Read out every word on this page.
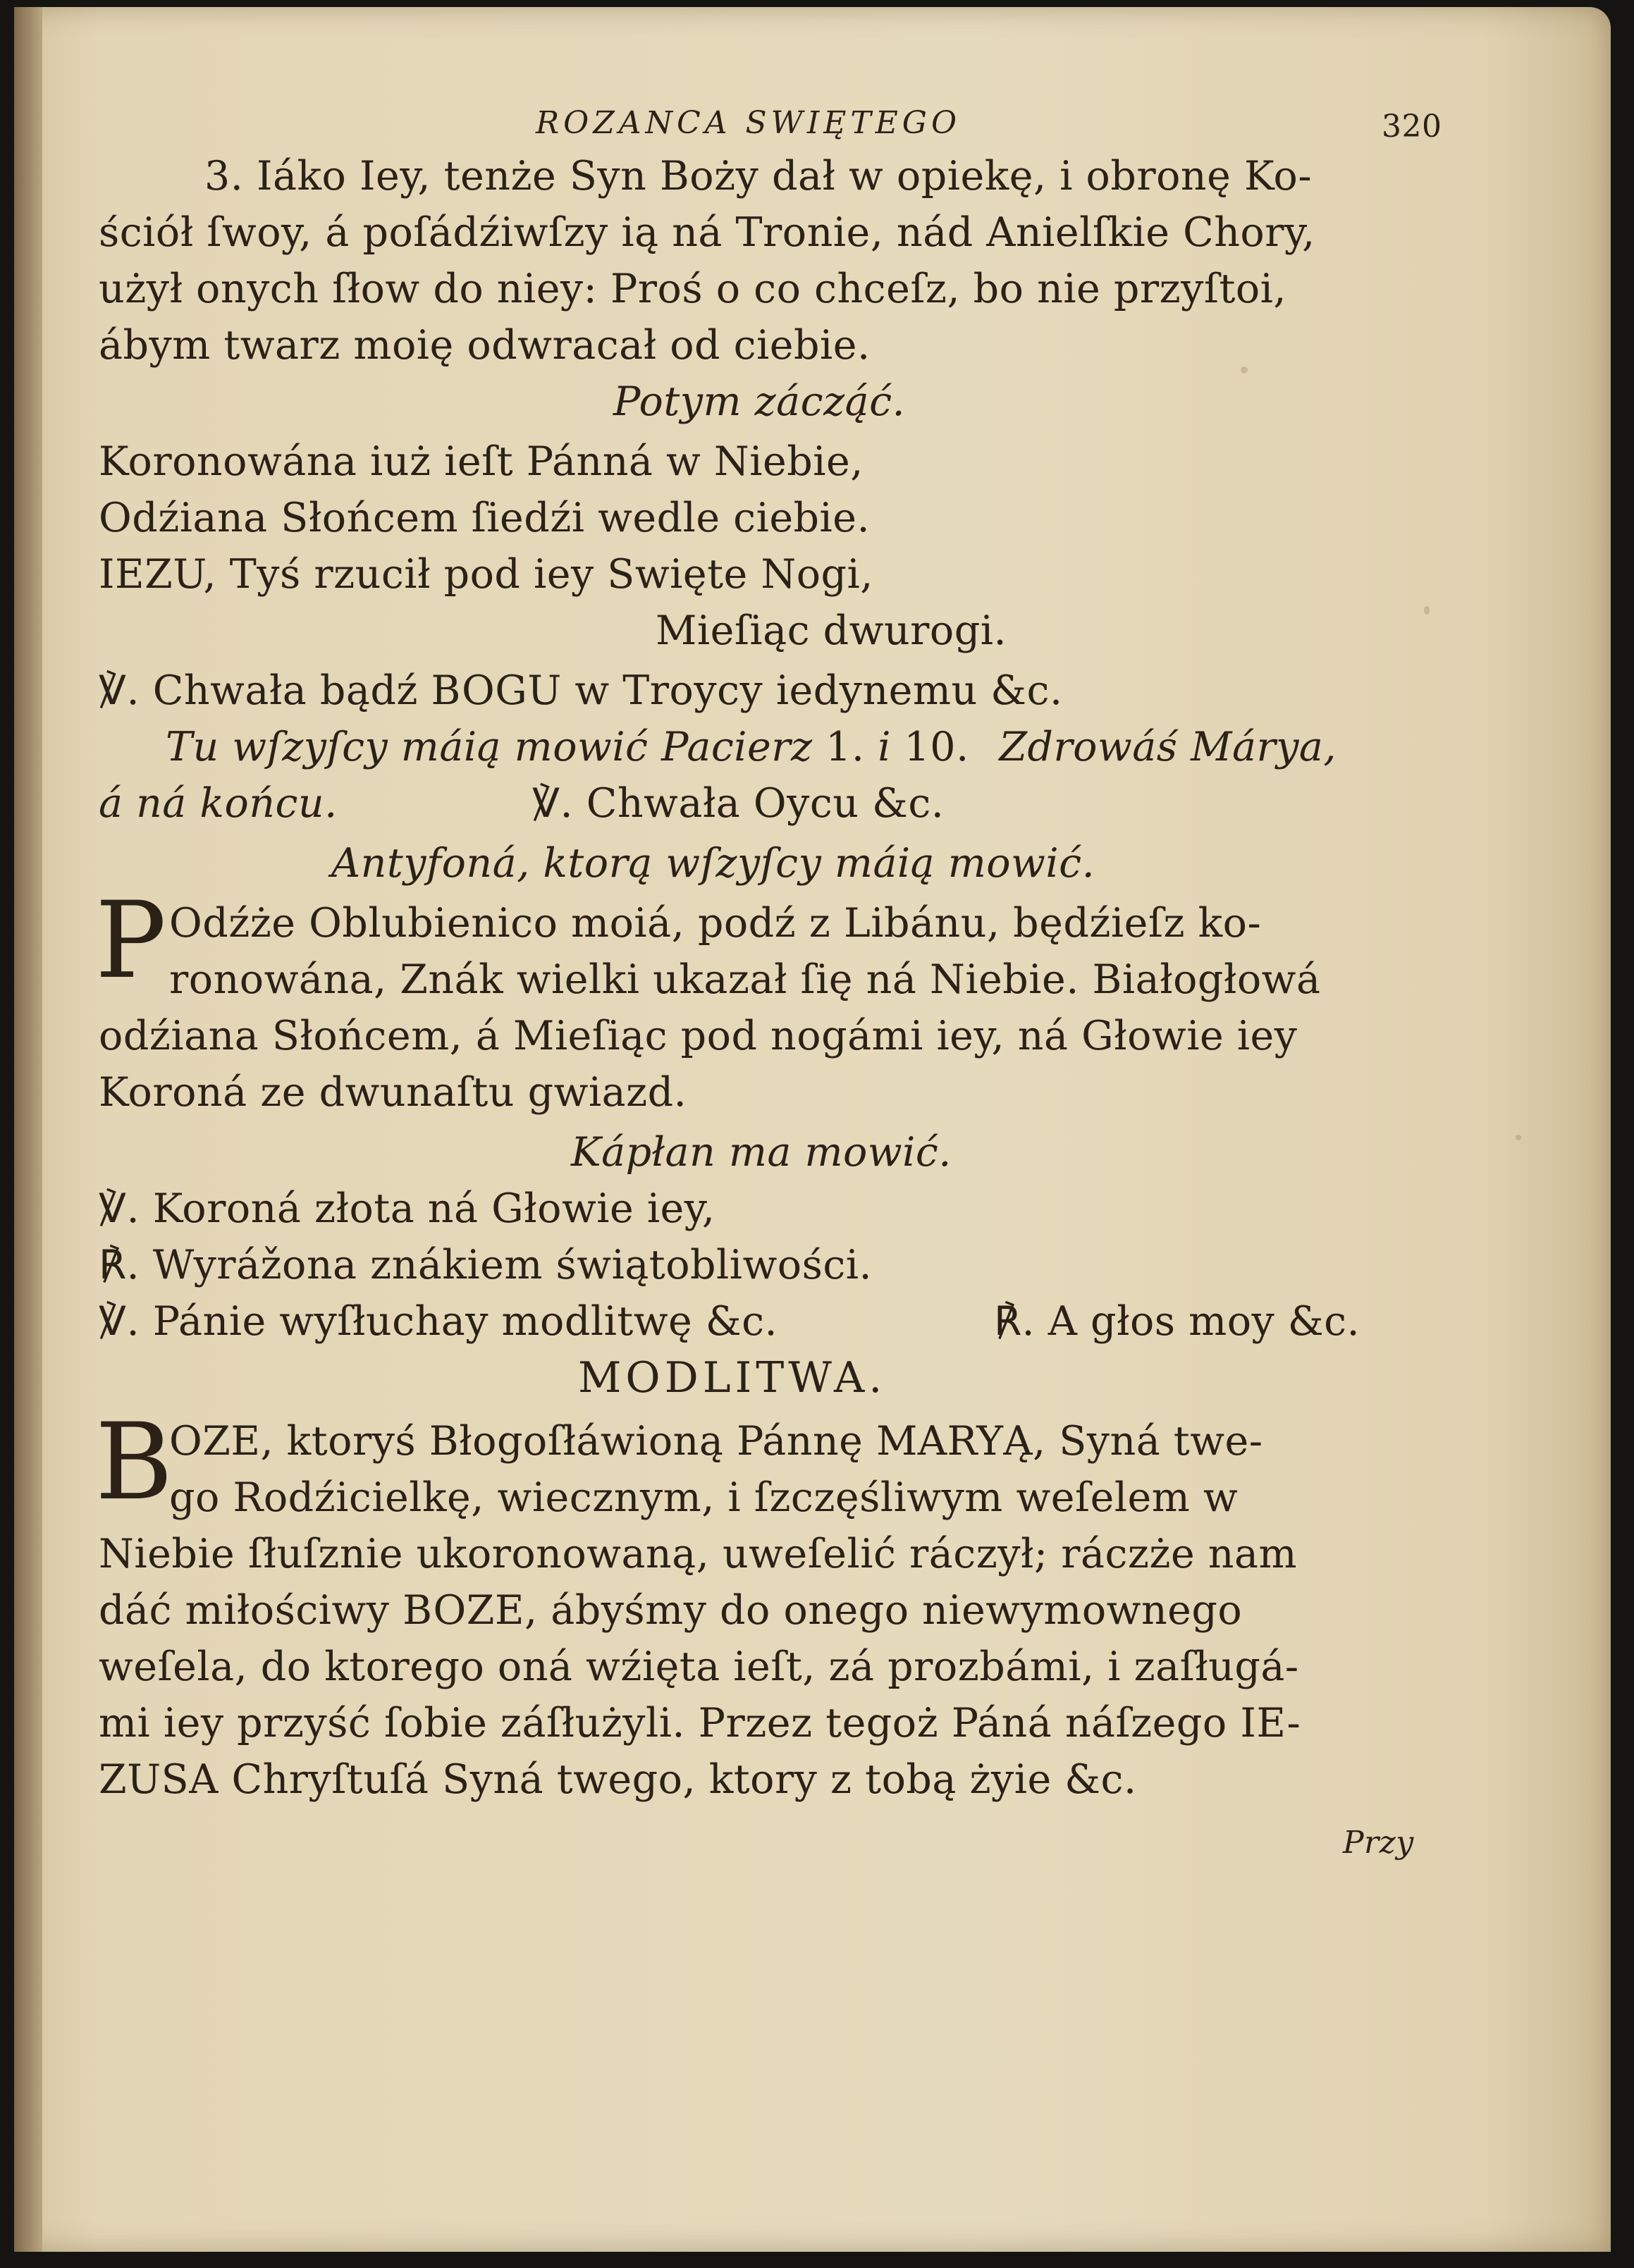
ROZANCA SWIĘTEGO	320
3. Iáko Iey, tenże Syn Boży dał w opiekę, i obronę Ko-
ściół ſwoy, á poſádźiwſzy ią ná Tronie, nád Anielſkie Chory,
użył onych ſłow do niey: Proś o co chceſz, bo nie przyſtoi,
ábym twarz moię odwracał od ciebie.
Potym záczą́ć.
Koronowána iuż ieſt Pánná w Niebie,
Odźiana Słońcem ſiedźi wedle ciebie.
IEZU, Tyś rzucił pod iey Swięte Nogi,
Mieſiąc dwurogi.
℣. Chwała bądź BOGU w Troycy iedynemu &c.
Tu wſzyſcy máią mowić Pacierz 1. i 10. Zdrowáś Márya,
á ná końcu.	℣. Chwała Oycu &c.
Antyfoná, ktorą wſzyſcy máią mowić.
P Odźże Oblubienico moiá, podź z Libánu, będźieſz ko-
ronowána, Znák wielki ukazał ſię ná Niebie. Białogłowá
odźiana Słońcem, á Mieſiąc pod nogámi iey, ná Głowie iey
Koroná ze dwunaſtu gwiazd.
Kápłan ma mowić.
℣. Koroná złota ná Głowie iey,
℟. Wyrážona znákiem świątobliwości.
℣. Pánie wyſłuchay modlitwę &c.	℟. A głos moy &c.
MODLITWA.
B
OZE, ktoryś Błogoſłáwioną Pánnę MARYĄ, Syná twe-
go Rodźicielkę, wiecznym, i ſzczęśliwym weſelem w
Niebie ſłuſznie ukoronowaną, uweſelić ráczył; ráczże nam
dáć miłościwy BOZE, ábyśmy do onego niewymownego
weſela, do ktorego oná wźięta ieſt, zá prozbámi, i zaſługá-
mi iey przyść ſobie záſłużyli. Przez tegoż Páná náſzego IE-
ZUSA Chryſtuſá Syná twego, ktory z tobą żyie &c.
Przy
